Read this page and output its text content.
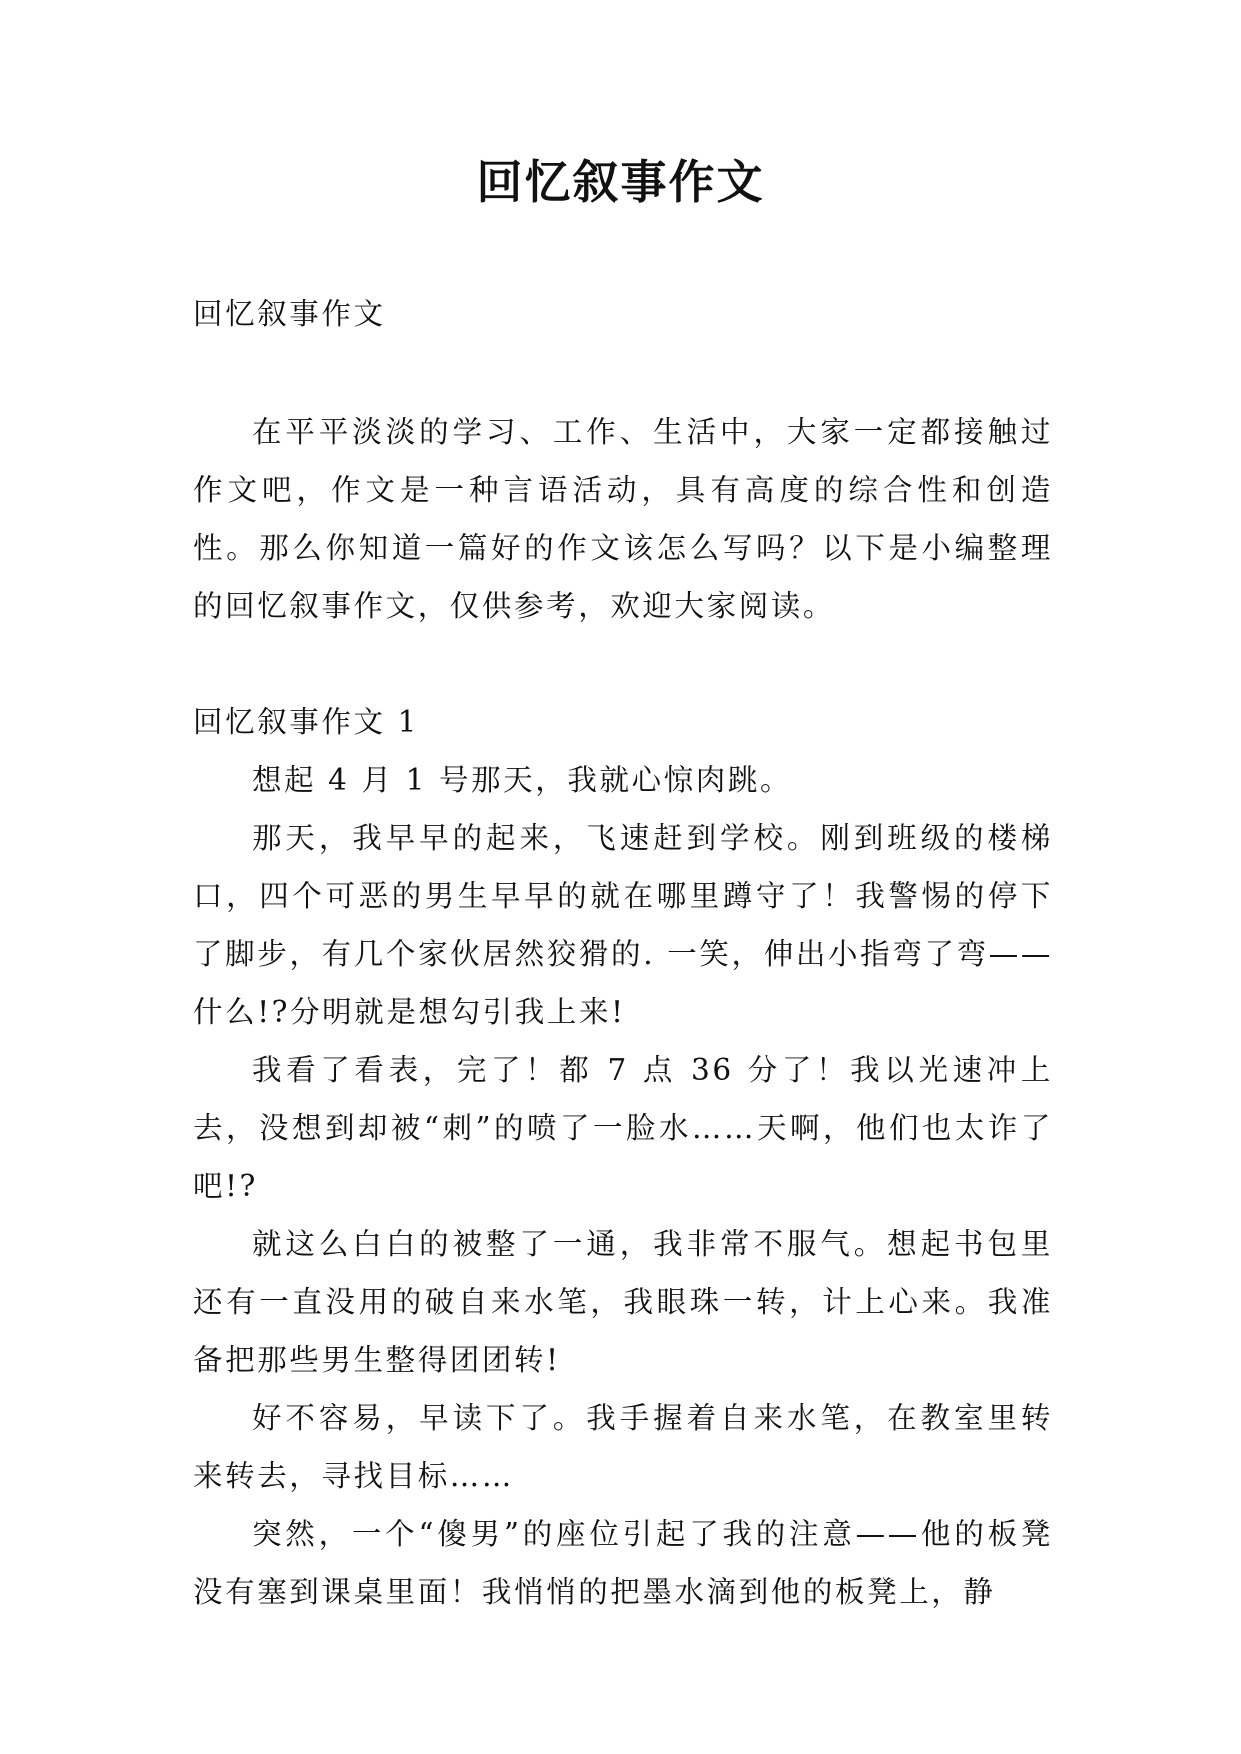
回忆叙事作文

回忆叙事作文

在平平淡淡的学习、工作、生活中，大家一定都接触过作文吧，作文是一种言语活动，具有高度的综合性和创造性。那么你知道一篇好的作文该怎么写吗？以下是小编整理的回忆叙事作文，仅供参考，欢迎大家阅读。

回忆叙事作文 1

想起 4 月 1 号那天，我就心惊肉跳。

那天，我早早的起来，飞速赶到学校。刚到班级的楼梯口，四个可恶的男生早早的就在哪里蹲守了！我警惕的停下了脚步，有几个家伙居然狡猾的. 一笑，伸出小指弯了弯——什么!?分明就是想勾引我上来!

我看了看表，完了！都 7 点 36 分了！我以光速冲上去，没想到却被“刺”的喷了一脸水……天啊，他们也太诈了吧!?

就这么白白的被整了一通，我非常不服气。想起书包里还有一直没用的破自来水笔，我眼珠一转，计上心来。我准备把那些男生整得团团转!

好不容易，早读下了。我手握着自来水笔，在教室里转来转去，寻找目标……

突然，一个“傻男”的座位引起了我的注意——他的板凳没有塞到课桌里面！我悄悄的把墨水滴到他的板凳上，静
